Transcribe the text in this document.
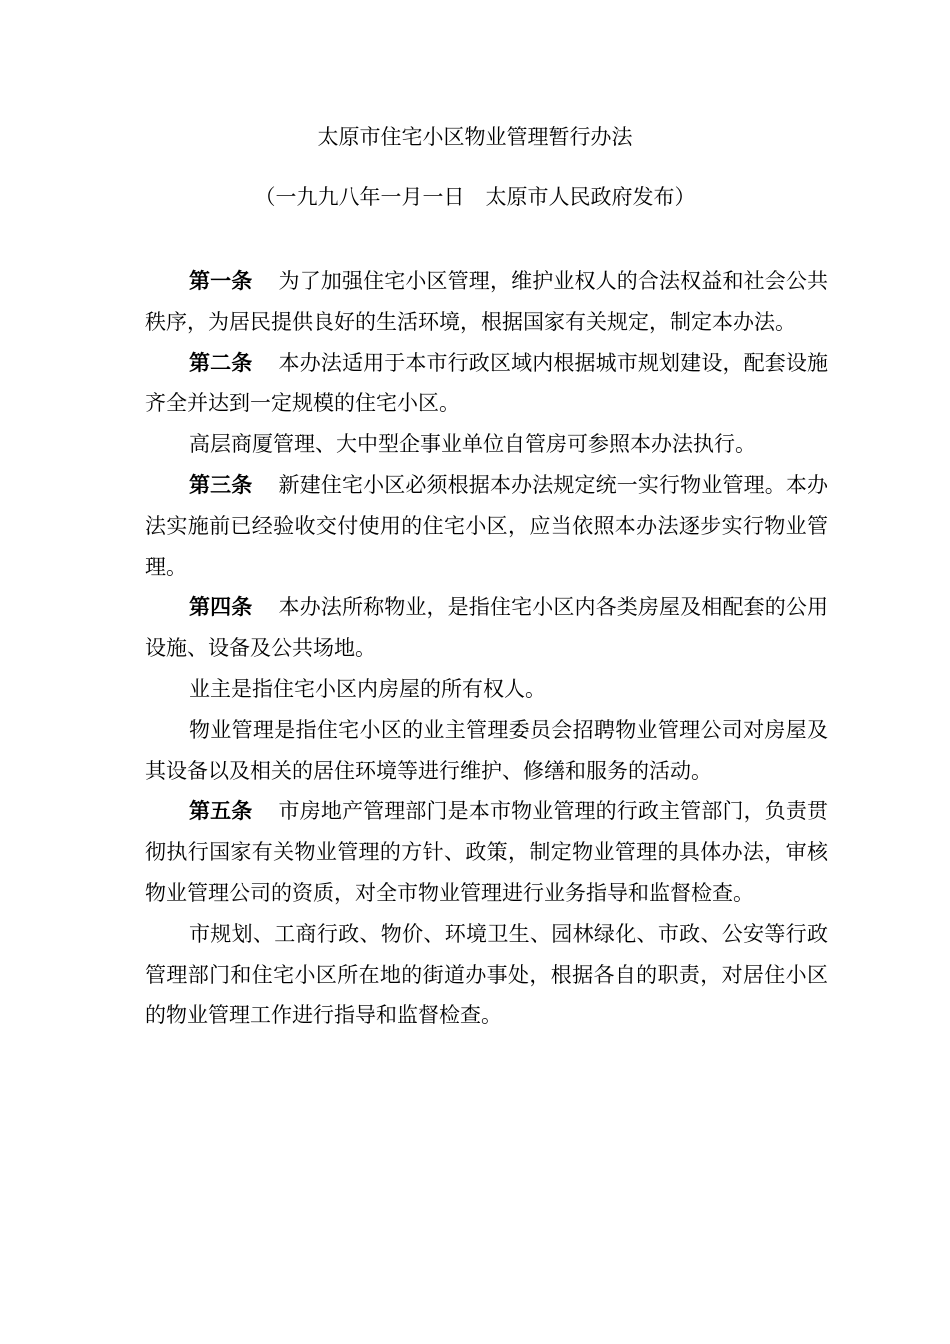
太原市住宅小区物业管理暂行办法

（一九九八年一月一日　太原市人民政府发布）

第一条 为了加强住宅小区管理，维护业权人的合法权益和社会公共秩序，为居民提供良好的生活环境，根据国家有关规定，制定本办法。

第二条 本办法适用于本市行政区域内根据城市规划建设，配套设施齐全并达到一定规模的住宅小区。

高层商厦管理、大中型企事业单位自管房可参照本办法执行。

第三条 新建住宅小区必须根据本办法规定统一实行物业管理。本办法实施前已经验收交付使用的住宅小区，应当依照本办法逐步实行物业管理。

第四条 本办法所称物业，是指住宅小区内各类房屋及相配套的公用设施、设备及公共场地。

业主是指住宅小区内房屋的所有权人。

物业管理是指住宅小区的业主管理委员会招聘物业管理公司对房屋及其设备以及相关的居住环境等进行维护、修缮和服务的活动。

第五条 市房地产管理部门是本市物业管理的行政主管部门，负责贯彻执行国家有关物业管理的方针、政策，制定物业管理的具体办法，审核物业管理公司的资质，对全市物业管理进行业务指导和监督检查。

市规划、工商行政、物价、环境卫生、园林绿化、市政、公安等行政管理部门和住宅小区所在地的街道办事处，根据各自的职责，对居住小区的物业管理工作进行指导和监督检查。
